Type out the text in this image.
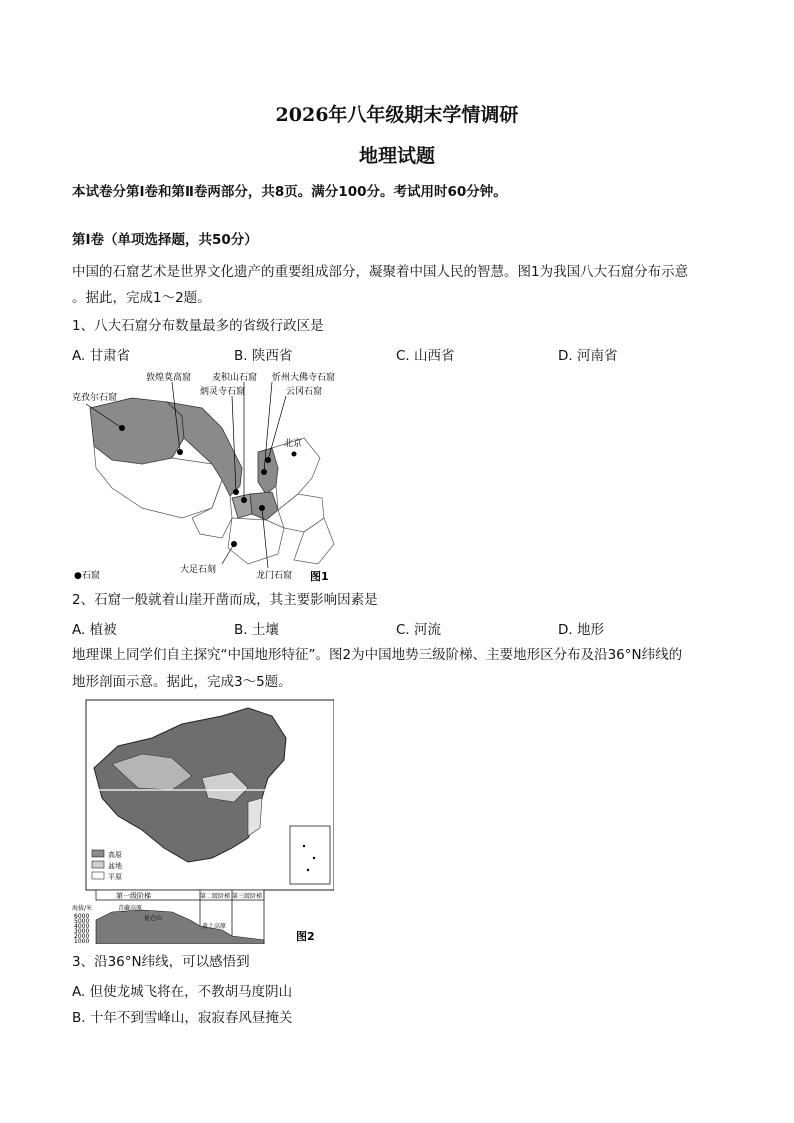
2026年八年级期末学情调研
地理试题
本试卷分第Ⅰ卷和第Ⅱ卷两部分，共8页。满分100分。考试用时60分钟。
第Ⅰ卷（单项选择题，共50分）
中国的石窟艺术是世界文化遗产的重要组成部分，凝聚着中国人民的智慧。图1为我国八大石窟分布示意
。据此，完成1～2题。
1、八大石窟分布数量最多的省级行政区是
A. 甘肃省	B. 陕西省	C. 山西省	D. 河南省
克孜尔石窟
敦煌莫高窟
炳灵寺石窟
麦积山石窟 忻州大佛寺石窟
云冈石窟
北京
大足石刻
龙门石窟
●石窟	图1
2、石窟一般就着山崖开凿而成，其主要影响因素是
A. 植被	B. 土壤	C. 河流	D. 地形
地理课上同学们自主探究“中国地形特征”。图2为中国地势三级阶梯、主要地形区分布及沿36°N纬线的
地形剖面示意。据此，完成3～5题。
高原
盆地
平原
第一级阶梯	第二级阶梯 第三级阶梯
海拔/米
6000
5000
4000
3000
2000
1000
青藏高原
昆仑山
黄土高原
图2
3、沿36°N纬线，可以感悟到
A. 但使龙城飞将在，不教胡马度阴山
B. 十年不到雪峰山，寂寂春风昼掩关
